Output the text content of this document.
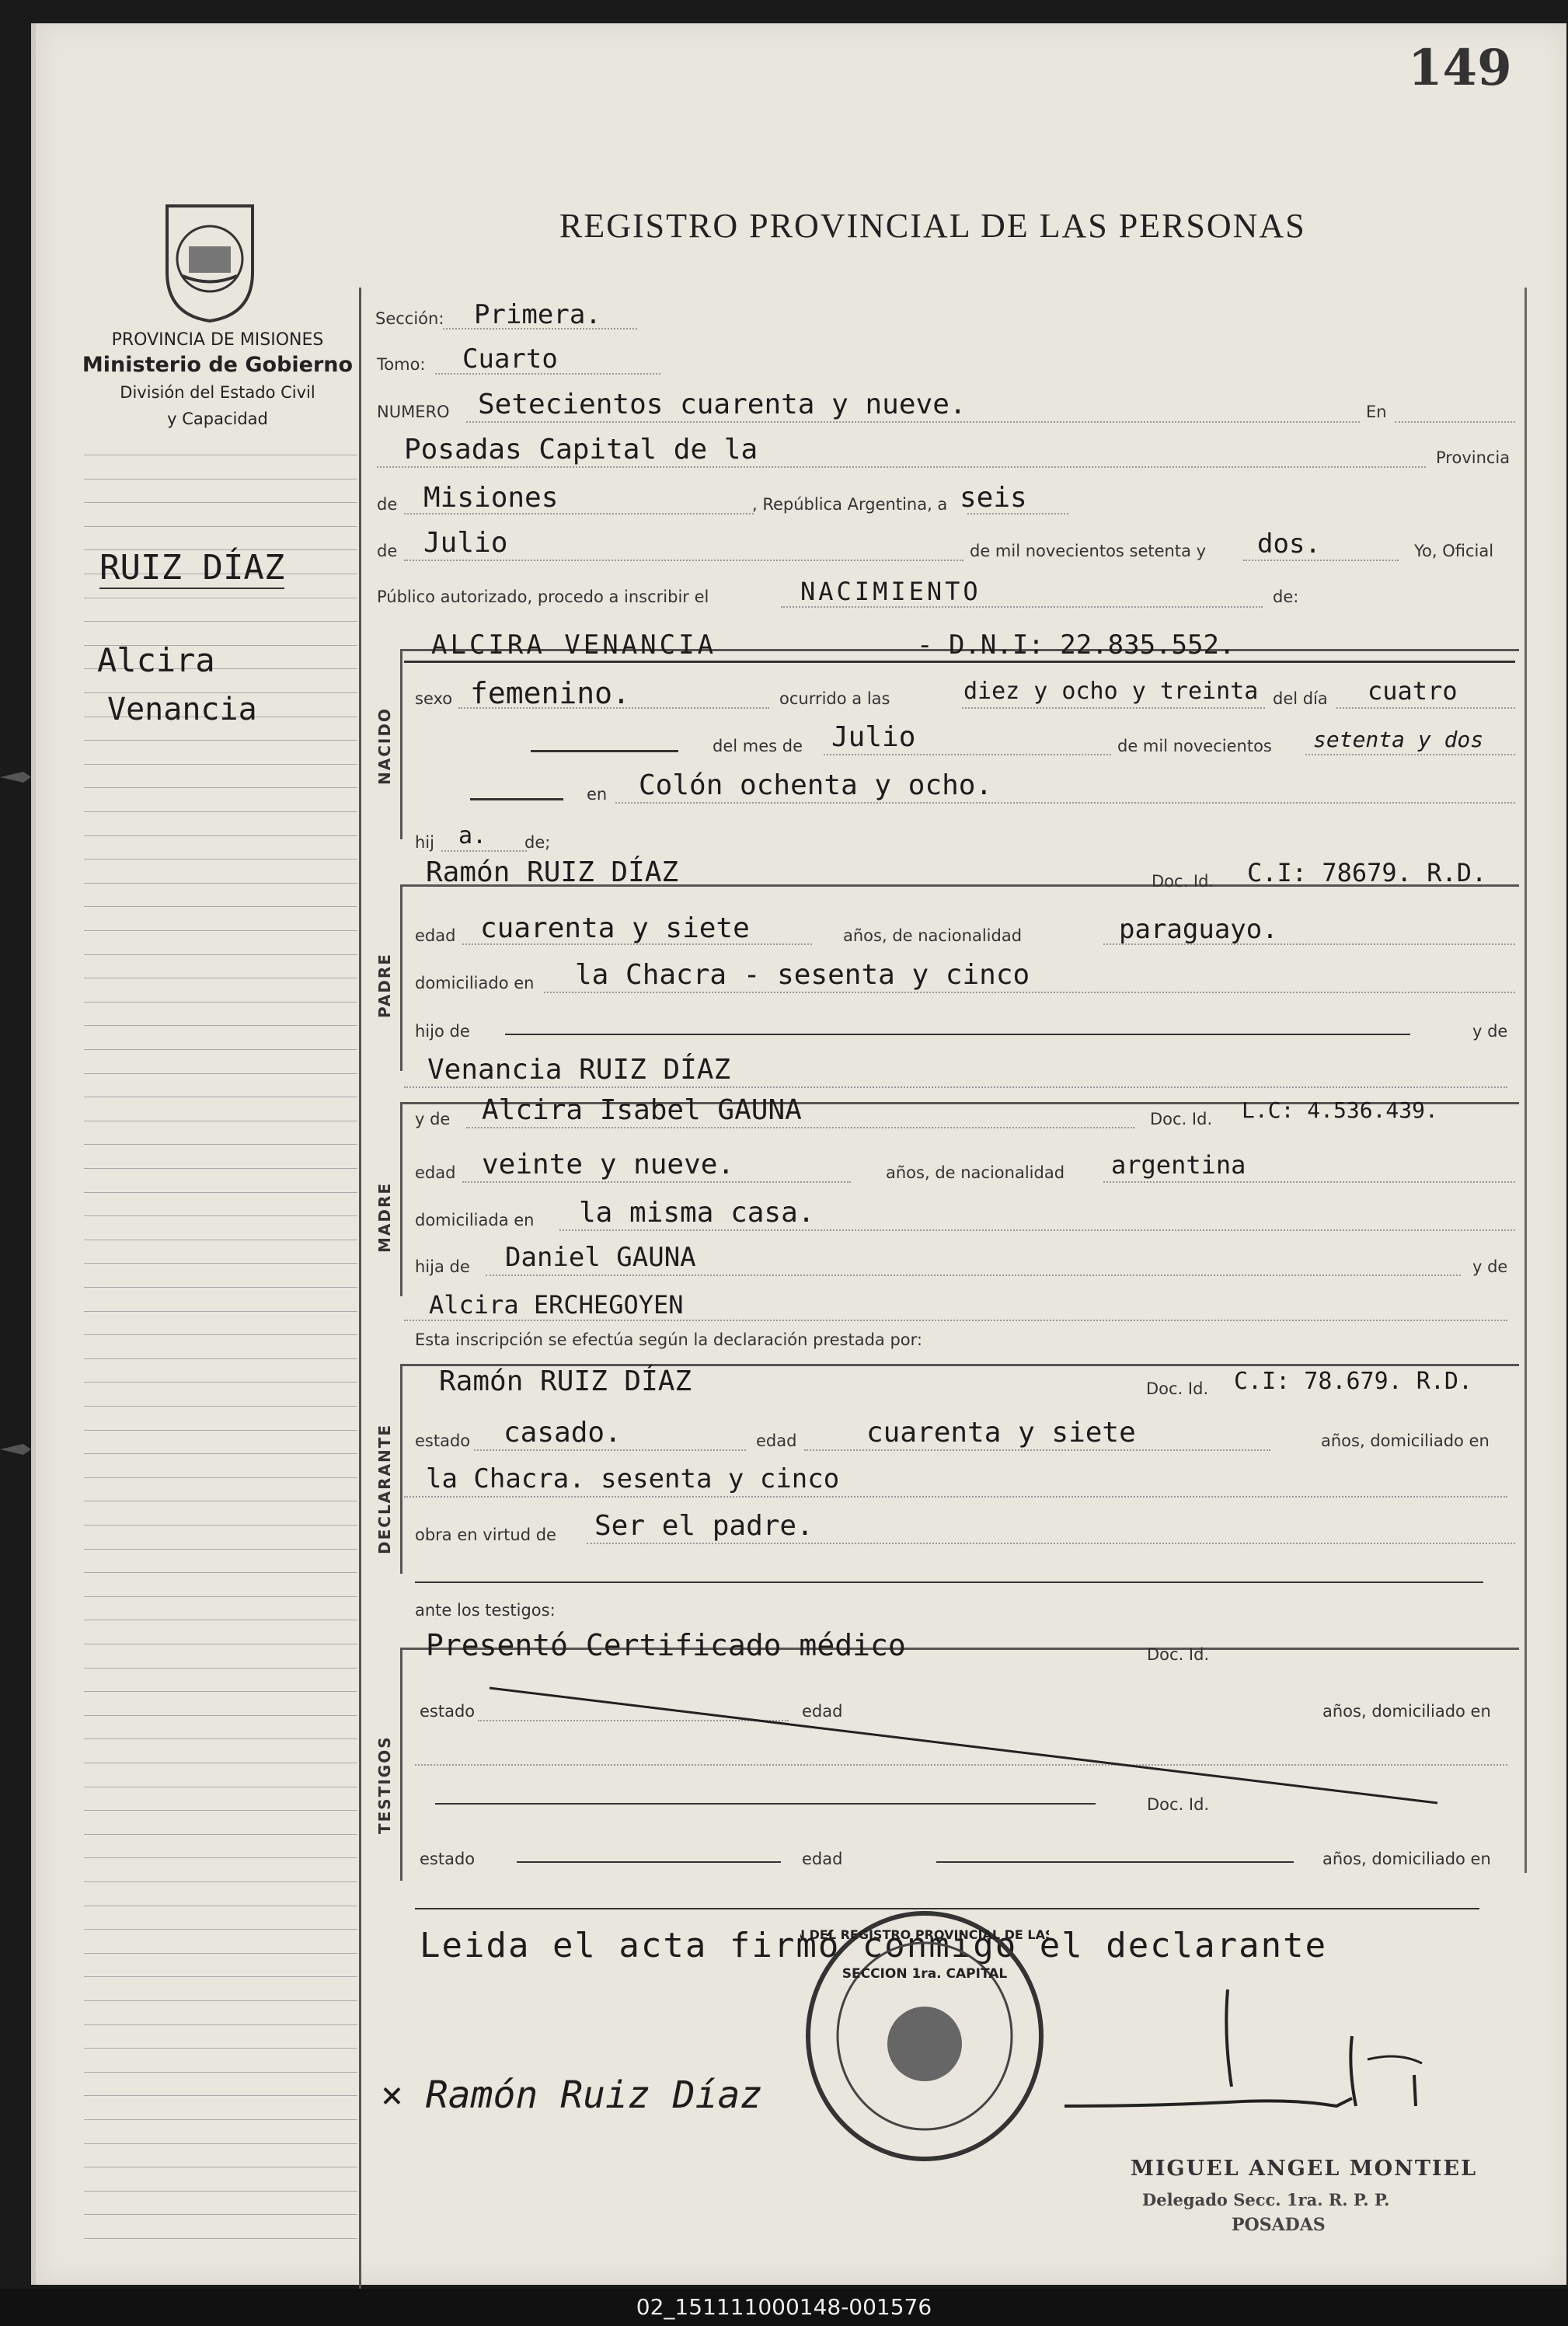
149
REGISTRO PROVINCIAL DE LAS PERSONAS
PROVINCIA DE MISIONES
Ministerio de Gobierno
División del Estado Civil
y Capacidad
RUIZ DÍAZ
Alcira
Venancia
Sección: Primera.
Tomo: Cuarto
NUMERO Setecientos cuarenta y nueve.	En
Posadas Capital de la	Provincia
de Misiones	, República Argentina, a seis
de Julio	de mil novecientos setenta y dos.	Yo, Oficial
Público autorizado, procedo a inscribir el	NACIMIENTO	de:
NACIDO
ALCIRA VENANCIA	- D.N.I: 22.835.552.
sexo femenino.	ocurrido a las	diez y ocho y treinta del día cuatro
del mes de Julio	de mil novecientos setenta y dos
en Colón ochenta y ocho.
hij a. de;
PADRE
Ramón RUIZ DÍAZ	Doc. Id. C.I: 78679. R.D.
edad cuarenta y siete	años, de nacionalidad	paraguayo.
domiciliado en la Chacra - sesenta y cinco
hijo de	y de
Venancia RUIZ DÍAZ
MADRE
y de Alcira Isabel GAUNA	Doc. Id. L.C: 4.536.439.
edad veinte y nueve.	años, de nacionalidad argentina
domiciliada en la misma casa.
hija de Daniel GAUNA	y de
Alcira ERCHEGOYEN
Esta inscripción se efectúa según la declaración prestada por:
DECLARANTE
Ramón RUIZ DÍAZ	Doc. Id. C.I: 78.679. R.D.
estado casado.	edad cuarenta y siete	años, domiciliado en
la Chacra. sesenta y cinco
obra en virtud de Ser el padre.
ante los testigos:
TESTIGOS
Presentó Certificado médico	Doc. Id.
estado	edad	años, domiciliado en
Doc. Id.
estado	edad	años, domiciliado en
Leida el acta firmó conmigo el declarante
× Ramón Ruiz Díaz
DEL REGISTRO PROVINCIAL DE LA
SECCION 1ra. CAPITAL
MIGUEL ANGEL MONTIEL
Delegado Secc. 1ra. R. P. P.
POSADAS
02_151111000148-001576
